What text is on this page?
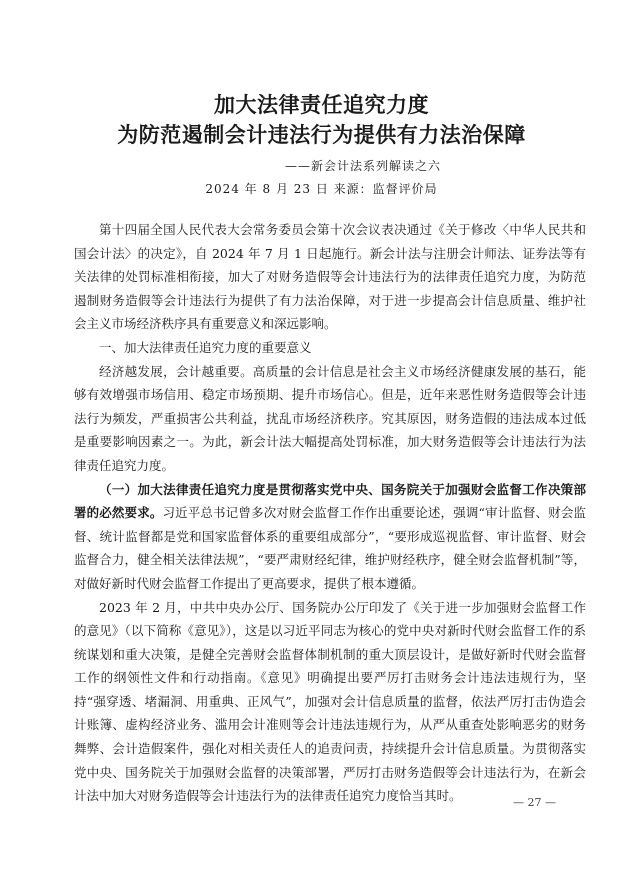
加大法律责任追究力度
为防范遏制会计违法行为提供有力法治保障
——新会计法系列解读之六
2024 年 8 月 23 日 来源：监督评价局

第十四届全国人民代表大会常务委员会第十次会议表决通过《关于修改〈中华人民共和国会计法〉的决定》，自 2024 年 7 月 1 日起施行。新会计法与注册会计师法、证券法等有关法律的处罚标准相衔接，加大了对财务造假等会计违法行为的法律责任追究力度，为防范遏制财务造假等会计违法行为提供了有力法治保障，对于进一步提高会计信息质量、维护社会主义市场经济秩序具有重要意义和深远影响。

一、加大法律责任追究力度的重要意义

经济越发展，会计越重要。高质量的会计信息是社会主义市场经济健康发展的基石，能够有效增强市场信用、稳定市场预期、提升市场信心。但是，近年来恶性财务造假等会计违法行为频发，严重损害公共利益，扰乱市场经济秩序。究其原因，财务造假的违法成本过低是重要影响因素之一。为此，新会计法大幅提高处罚标准，加大财务造假等会计违法行为法律责任追究力度。

（一）加大法律责任追究力度是贯彻落实党中央、国务院关于加强财会监督工作决策部署的必然要求。习近平总书记曾多次对财会监督工作作出重要论述，强调“审计监督、财会监督、统计监督都是党和国家监督体系的重要组成部分”，“要形成巡视监督、审计监督、财会监督合力，健全相关法律法规”，“要严肃财经纪律，维护财经秩序，健全财会监督机制”等，对做好新时代财会监督工作提出了更高要求，提供了根本遵循。

2023 年 2 月，中共中央办公厅、国务院办公厅印发了《关于进一步加强财会监督工作的意见》（以下简称《意见》），这是以习近平同志为核心的党中央对新时代财会监督工作的系统谋划和重大决策，是健全完善财会监督体制机制的重大顶层设计，是做好新时代财会监督工作的纲领性文件和行动指南。《意见》明确提出要严厉打击财务会计违法违规行为，坚持“强穿透、堵漏洞、用重典、正风气”，加强对会计信息质量的监督，依法严厉打击伪造会计账簿、虚构经济业务、滥用会计准则等会计违法违规行为，从严从重查处影响恶劣的财务舞弊、会计造假案件，强化对相关责任人的追责问责，持续提升会计信息质量。为贯彻落实党中央、国务院关于加强财会监督的决策部署，严厉打击财务造假等会计违法行为，在新会计法中加大对财务造假等会计违法行为的法律责任追究力度恰当其时。	— 27 —
